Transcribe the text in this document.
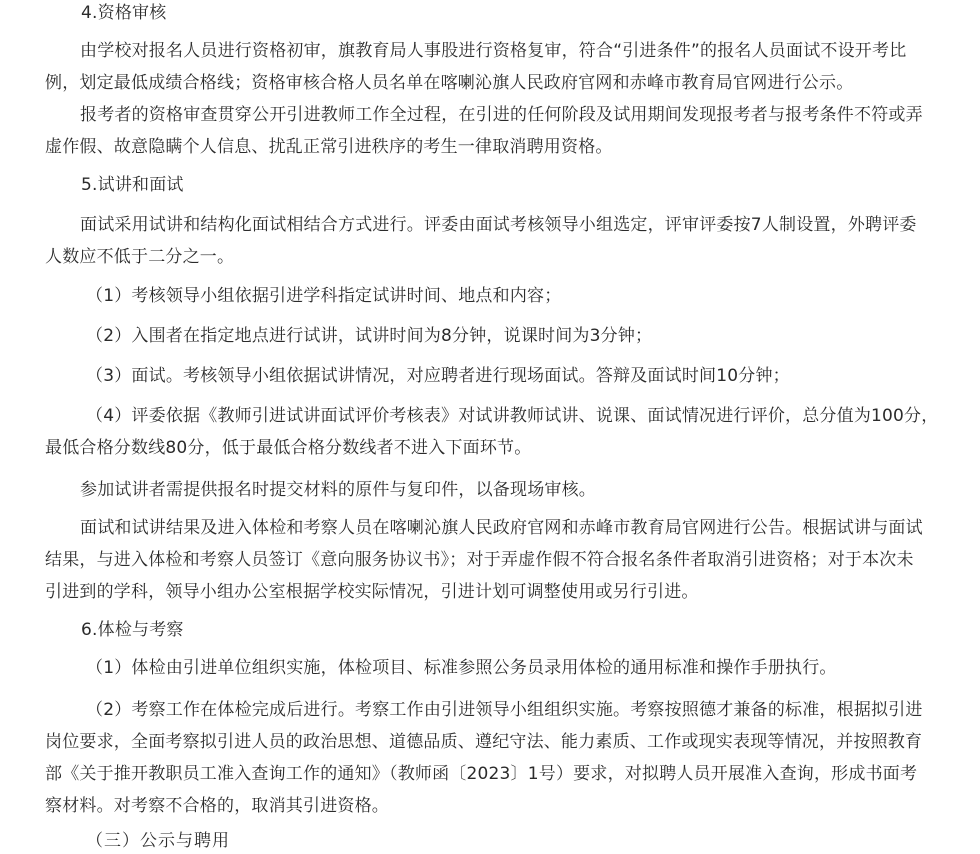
4.资格审核
由学校对报名人员进行资格初审，旗教育局人事股进行资格复审，符合“引进条件”的报名人员面试不设开考比
例，划定最低成绩合格线；资格审核合格人员名单在喀喇沁旗人民政府官网和赤峰市教育局官网进行公示。
报考者的资格审查贯穿公开引进教师工作全过程，在引进的任何阶段及试用期间发现报考者与报考条件不符或弄
虚作假、故意隐瞒个人信息、扰乱正常引进秩序的考生一律取消聘用资格。
5.试讲和面试
面试采用试讲和结构化面试相结合方式进行。评委由面试考核领导小组选定，评审评委按7人制设置，外聘评委
人数应不低于二分之一。
（1）考核领导小组依据引进学科指定试讲时间、地点和内容；
（2）入围者在指定地点进行试讲，试讲时间为8分钟，说课时间为3分钟；
（3）面试。考核领导小组依据试讲情况，对应聘者进行现场面试。答辩及面试时间10分钟；
（4）评委依据《教师引进试讲面试评价考核表》对试讲教师试讲、说课、面试情况进行评价，总分值为100分，
最低合格分数线80分，低于最低合格分数线者不进入下面环节。
参加试讲者需提供报名时提交材料的原件与复印件，以备现场审核。
面试和试讲结果及进入体检和考察人员在喀喇沁旗人民政府官网和赤峰市教育局官网进行公告。根据试讲与面试
结果，与进入体检和考察人员签订《意向服务协议书》；对于弄虚作假不符合报名条件者取消引进资格；对于本次未
引进到的学科，领导小组办公室根据学校实际情况，引进计划可调整使用或另行引进。
6.体检与考察
（1）体检由引进单位组织实施，体检项目、标准参照公务员录用体检的通用标准和操作手册执行。
（2）考察工作在体检完成后进行。考察工作由引进领导小组组织实施。考察按照德才兼备的标准，根据拟引进
岗位要求，全面考察拟引进人员的政治思想、道德品质、遵纪守法、能力素质、工作或现实表现等情况，并按照教育
部《关于推开教职员工准入查询工作的通知》（教师函〔2023〕1号）要求，对拟聘人员开展准入查询，形成书面考
察材料。对考察不合格的，取消其引进资格。
（三）公示与聘用
